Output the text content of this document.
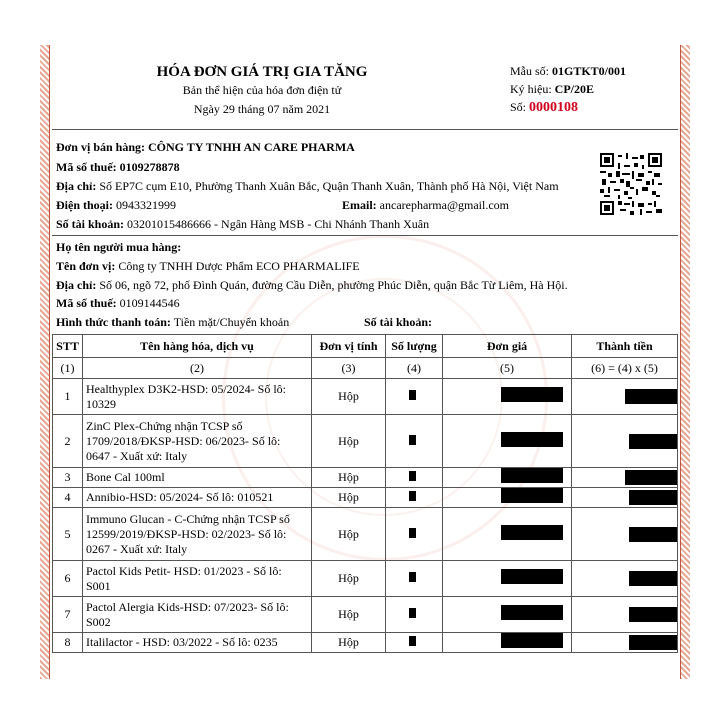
HÓA ĐƠN GIÁ TRỊ GIA TĂNG
Bản thể hiện của hóa đơn điện tử
Ngày 29 tháng 07 năm 2021
Mẫu số: 01GTKT0/001
Ký hiệu: CP/20E
Số: 0000108
Đơn vị bán hàng: CÔNG TY TNHH AN CARE PHARMA
Mã số thuế: 0109278878
Địa chỉ: Số EP7C cụm E10, Phường Thanh Xuân Bắc, Quận Thanh Xuân, Thành phố Hà Nội, Việt Nam
Điện thoại: 0943321999	Email: ancarepharma@gmail.com
Số tài khoản: 03201015486666 - Ngân Hàng MSB - Chi Nhánh Thanh Xuân
Họ tên người mua hàng:
Tên đơn vị: Công ty TNHH Dược Phẩm ECO PHARMALIFE
Địa chỉ: Số 06, ngõ 72, phố Đình Quán, đường Cầu Diễn, phường Phúc Diễn, quận Bắc Từ Liêm, Hà Hội.
Mã số thuế: 0109144546
Hình thức thanh toán: Tiền mặt/Chuyển khoản	Số tài khoản:
STT	Tên hàng hóa, dịch vụ	Đơn vị tính	Số lượng	Đơn giá	Thành tiền
(1)	(2)	(3)	(4)	(5)	(6) = (4) x (5)
1	Healthyplex D3K2-HSD: 05/2024- Số lô:
10329	Hộp			

2	ZinC Plex-Chứng nhận TCSP số
1709/2018/ĐKSP-HSD: 06/2023- Số lô:
0647 - Xuất xứ: Italy	Hộp			

3	Bone Cal 100ml	Hộp			

4	Annibio-HSD: 05/2024- Số lô: 010521	Hộp			

5	Immuno Glucan - C-Chứng nhận TCSP số
12599/2019/ĐKSP-HSD: 02/2023- Số lô:
0267 - Xuất xứ: Italy	Hộp			

6	Pactol Kids Petit- HSD: 01/2023 - Số lô:
S001	Hộp			

7	Pactol Alergia Kids-HSD: 07/2023- Số lô:
S002	Hộp			

8	Italilactor - HSD: 03/2022 - Số lô: 0235	Hộp			
